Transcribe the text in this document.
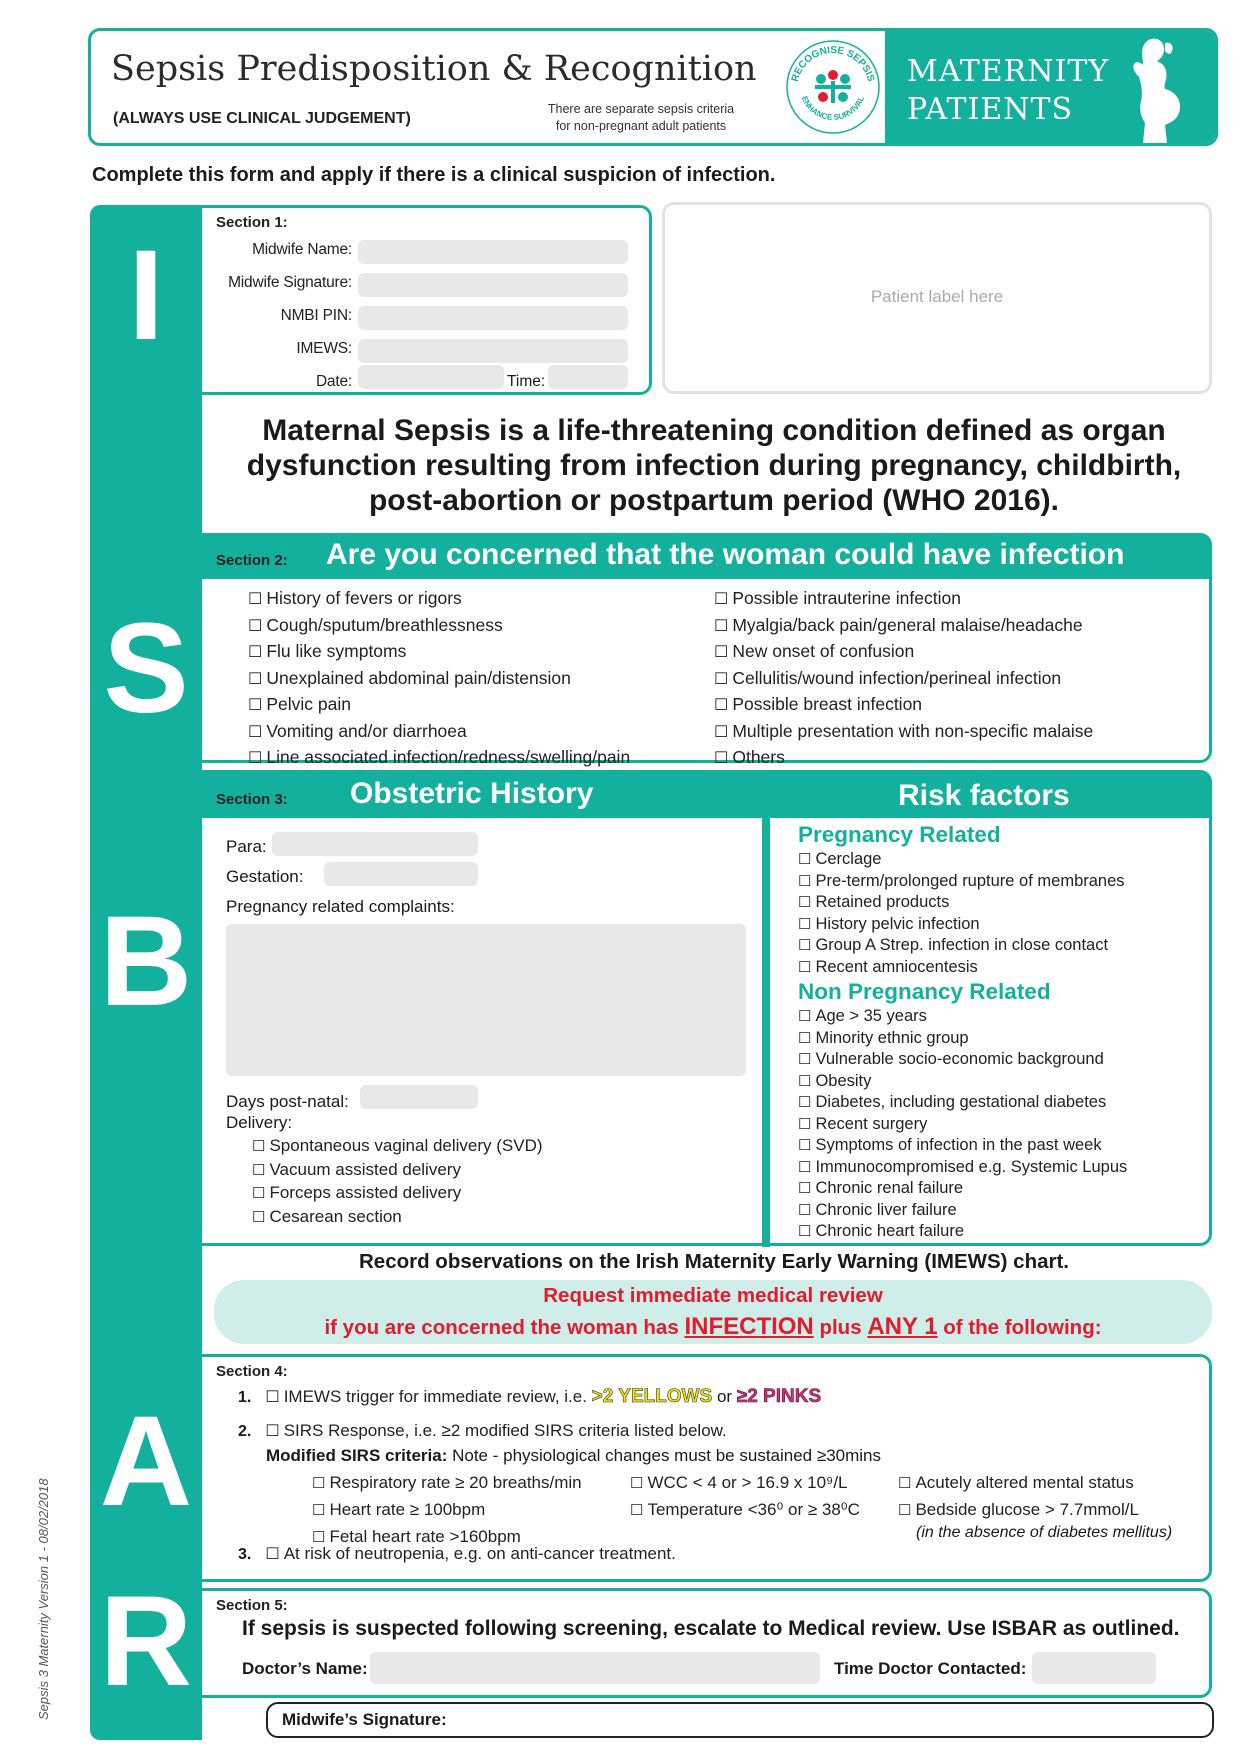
Sepsis Predisposition & Recognition
(ALWAYS USE CLINICAL JUDGEMENT)
There are separate sepsis criteria
for non-pregnant adult patients
RECOGNISE SEPSIS
ENHANCE SURVIVAL
MATERNITY
PATIENTS
Complete this form and apply if there is a clinical suspicion of infection.
I
S
B
A
R
Sepsis 3 Maternity Version 1 - 08/02/2018
Section 1:
Midwife Name:
Midwife Signature:
NMBI PIN:
IMEWS:
Date:	Time:
Patient label here
Maternal Sepsis is a life-threatening condition defined as organ
dysfunction resulting from infection during pregnancy, childbirth,
post-abortion or postpartum period (WHO 2016).
Section 2: Are you concerned that the woman could have infection
☐ History of fevers or rigors
☐ Cough/sputum/breathlessness
☐ Flu like symptoms
☐ Unexplained abdominal pain/distension
☐ Pelvic pain
☐ Vomiting and/or diarrhoea
☐ Line associated infection/redness/swelling/pain
☐ Possible intrauterine infection
☐ Myalgia/back pain/general malaise/headache
☐ New onset of confusion
☐ Cellulitis/wound infection/perineal infection
☐ Possible breast infection
☐ Multiple presentation with non-specific malaise
☐ Others
Section 3: Obstetric History	Risk factors
Para:
Gestation:
Pregnancy related complaints:
Days post-natal:
Delivery:
☐ Spontaneous vaginal delivery (SVD)
☐ Vacuum assisted delivery
☐ Forceps assisted delivery
☐ Cesarean section
Pregnancy Related
☐ Cerclage
☐ Pre-term/prolonged rupture of membranes
☐ Retained products
☐ History pelvic infection
☐ Group A Strep. infection in close contact
☐ Recent amniocentesis
Non Pregnancy Related
☐ Age > 35 years
☐ Minority ethnic group
☐ Vulnerable socio-economic background
☐ Obesity
☐ Diabetes, including gestational diabetes
☐ Recent surgery
☐ Symptoms of infection in the past week
☐ Immunocompromised e.g. Systemic Lupus
☐ Chronic renal failure
☐ Chronic liver failure
☐ Chronic heart failure
Record observations on the Irish Maternity Early Warning (IMEWS) chart.
Request immediate medical review
if you are concerned the woman has INFECTION plus ANY 1 of the following:
Section 4:
1. ☐ IMEWS trigger for immediate review, i.e. >2 YELLOWS or ≥2 PINKS
2. ☐ SIRS Response, i.e. ≥2 modified SIRS criteria listed below.
Modified SIRS criteria: Note - physiological changes must be sustained ≥30mins
☐ Respiratory rate ≥ 20 breaths/min
☐ Heart rate ≥ 100bpm
☐ Fetal heart rate >160bpm
☐ WCC < 4 or > 16.9 x 10⁹/L
☐ Temperature <36⁰ or ≥ 38⁰C
☐ Acutely altered mental status
☐ Bedside glucose > 7.7mmol/L
(in the absence of diabetes mellitus)
3. ☐ At risk of neutropenia, e.g. on anti-cancer treatment.
Section 5:
If sepsis is suspected following screening, escalate to Medical review. Use ISBAR as outlined.
Doctor’s Name:	Time Doctor Contacted:
Midwife’s Signature:
